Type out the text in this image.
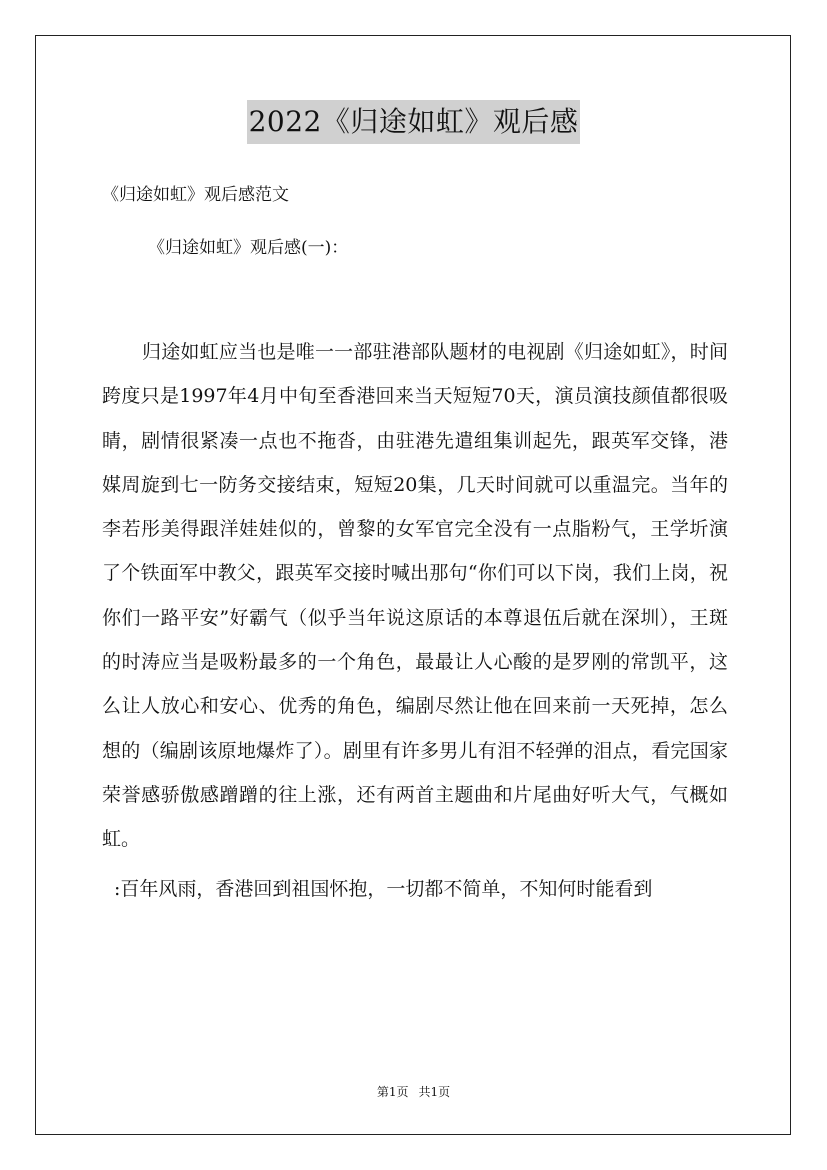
2022《归途如虹》观后感
《归途如虹》观后感范文
《归途如虹》观后感(一)：

归途如虹应当也是唯一一部驻港部队题材的电视剧《归途如虹》，时间跨度只是1997年4月中旬至香港回来当天短短70天，演员演技颜值都很吸睛，剧情很紧凑一点也不拖沓，由驻港先遣组集训起先，跟英军交锋，港媒周旋到七一防务交接结束，短短20集，几天时间就可以重温完。当年的李若彤美得跟洋娃娃似的，曾黎的女军官完全没有一点脂粉气，王学圻演了个铁面军中教父，跟英军交接时喊出那句“你们可以下岗，我们上岗，祝你们一路平安”好霸气（似乎当年说这原话的本尊退伍后就在深圳），王斑的时涛应当是吸粉最多的一个角色，最最让人心酸的是罗刚的常凯平，这么让人放心和安心、优秀的角色，编剧尽然让他在回来前一天死掉，怎么想的（编剧该原地爆炸了）。剧里有许多男儿有泪不轻弹的泪点，看完国家荣誉感骄傲感蹭蹭的往上涨，还有两首主题曲和片尾曲好听大气，气概如虹。

:百年风雨，香港回到祖国怀抱，一切都不简单，不知何时能看到

第1页 共1页
